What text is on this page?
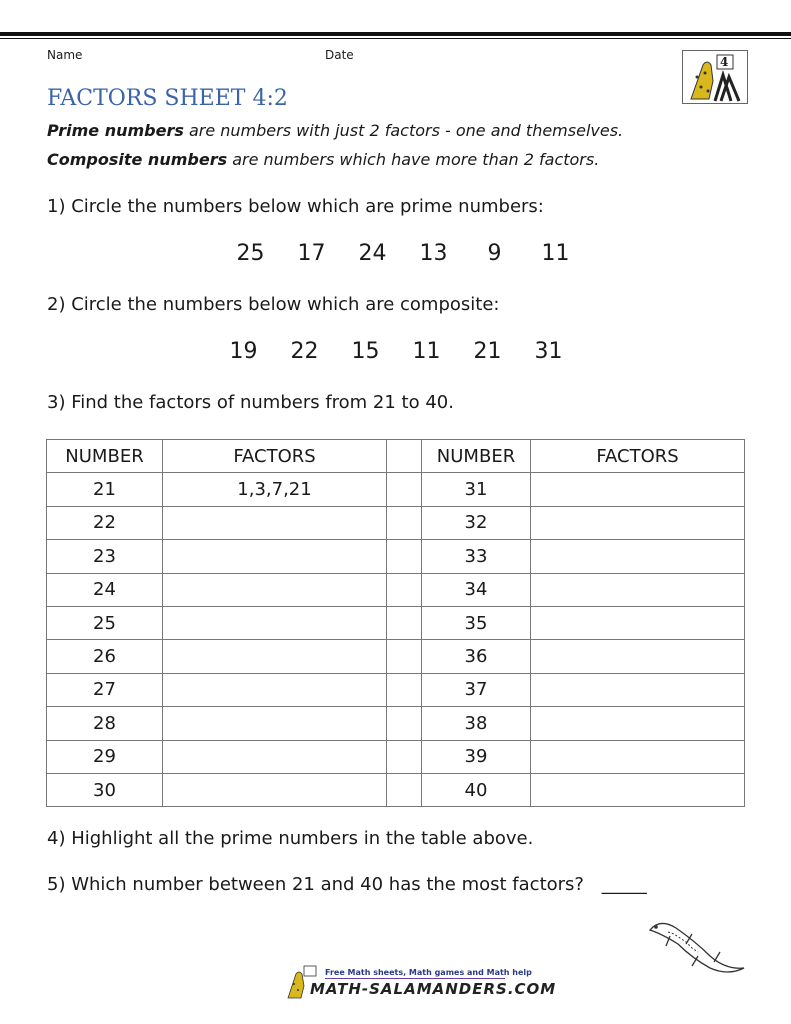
Name	Date	4
FACTORS SHEET 4:2
Prime numbers are numbers with just 2 factors - one and themselves.
Composite numbers are numbers which have more than 2 factors.
1) Circle the numbers below which are prime numbers:
25	17	24	13	9	11
2) Circle the numbers below which are composite:
19	22	15	11	21	31
3) Find the factors of numbers from 21 to 40.
NUMBER	FACTORS		NUMBER	FACTORS
21	1,3,7,21		31	
22			32	
23			33	
24			34	
25			35	
26			36	
27			37	
28			38	
29			39	
30			40	
4) Highlight all the prime numbers in the table above.
5) Which number between 21 and 40 has the most factors? _____
Free Math sheets, Math games and Math help
MATH-SALAMANDERS.COM
